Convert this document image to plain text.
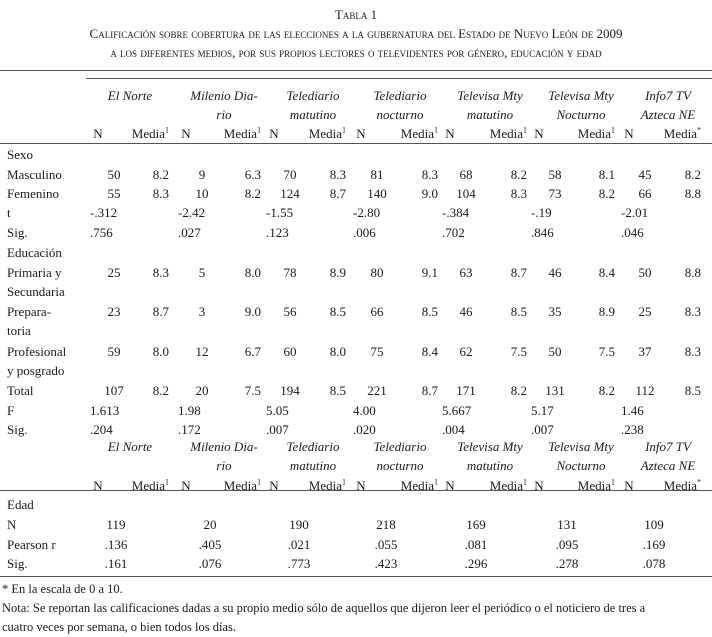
Tabla 1
Calificación sobre cobertura de las elecciones a la gubernatura del Estado de Nuevo León de 2009
a los diferentes medios, por sus propios lectores o televidentes por género, educación y edad
El Norte
N Media$^1$
Milenio Dia-
rio
N	Media$^1$
Telediario
matutino
N Media$^1$
Telediario
nocturno
N	Media$^1$
Televisa Mty
matutino
N	Media$^1$
Televisa Mty
Nocturno
N	Media$^1$
Info7 TV
Azteca NE
N Media*
Sexo
Masculino	50 8.2 9	6.3 70	8.3 81	8.3 68	8.2 58	8.1 45	8.2
Femenino	55 8.3 10	8.2 124 8.7 140	9.0 104	8.3 73	8.2 66	8.8
t	-.312	-2.42	-1.55	-2.80	-.384	-.19	-2.01
Sig.	.756	.027	.123	.006	.702	.846	.046
Educación
Primaria y
Secundaria
25 8.3 5	8.0 78	8.9 80	9.1 63	8.7 46	8.4 50	8.8
Prepara-
toria
23 8.7 3	9.0 56	8.5 66	8.5 46	8.5 35	8.9 25	8.3
Profesional
y posgrado
59 8.0 12	6.7 60	8.0 75	8.4 62	7.5 50	7.5 37	8.3
Total	107 8.2 20	7.5 194 8.5 221	8.7 171	8.2 131	8.2 112 8.5
F	1.613	1.98	5.05	4.00	5.667	5.17	1.46
Sig.	.204	.172	.007	.020	.004	.007	.238
El Norte
N Media$^1$
Milenio Dia-
rio
N	Media$^1$
Telediario
matutino
N Media$^1$
Telediario
nocturno
N	Media$^1$
Televisa Mty
matutino
N	Media$^1$
Televisa Mty
Nocturno
N	Media$^1$
Info7 TV
Azteca NE
N Media*
Edad
N	119	20	190	218	169	131	109
Pearson r	.136	.405	.021	.055	.081	.095	.169
Sig.	.161	.076	.773	.423	.296	.278	.078
* En la escala de 0 a 10.
Nota: Se reportan las calificaciones dadas a su propio medio sólo de aquellos que dijeron leer el periódico o el noticiero de tres a
cuatro veces por semana, o bien todos los días.
